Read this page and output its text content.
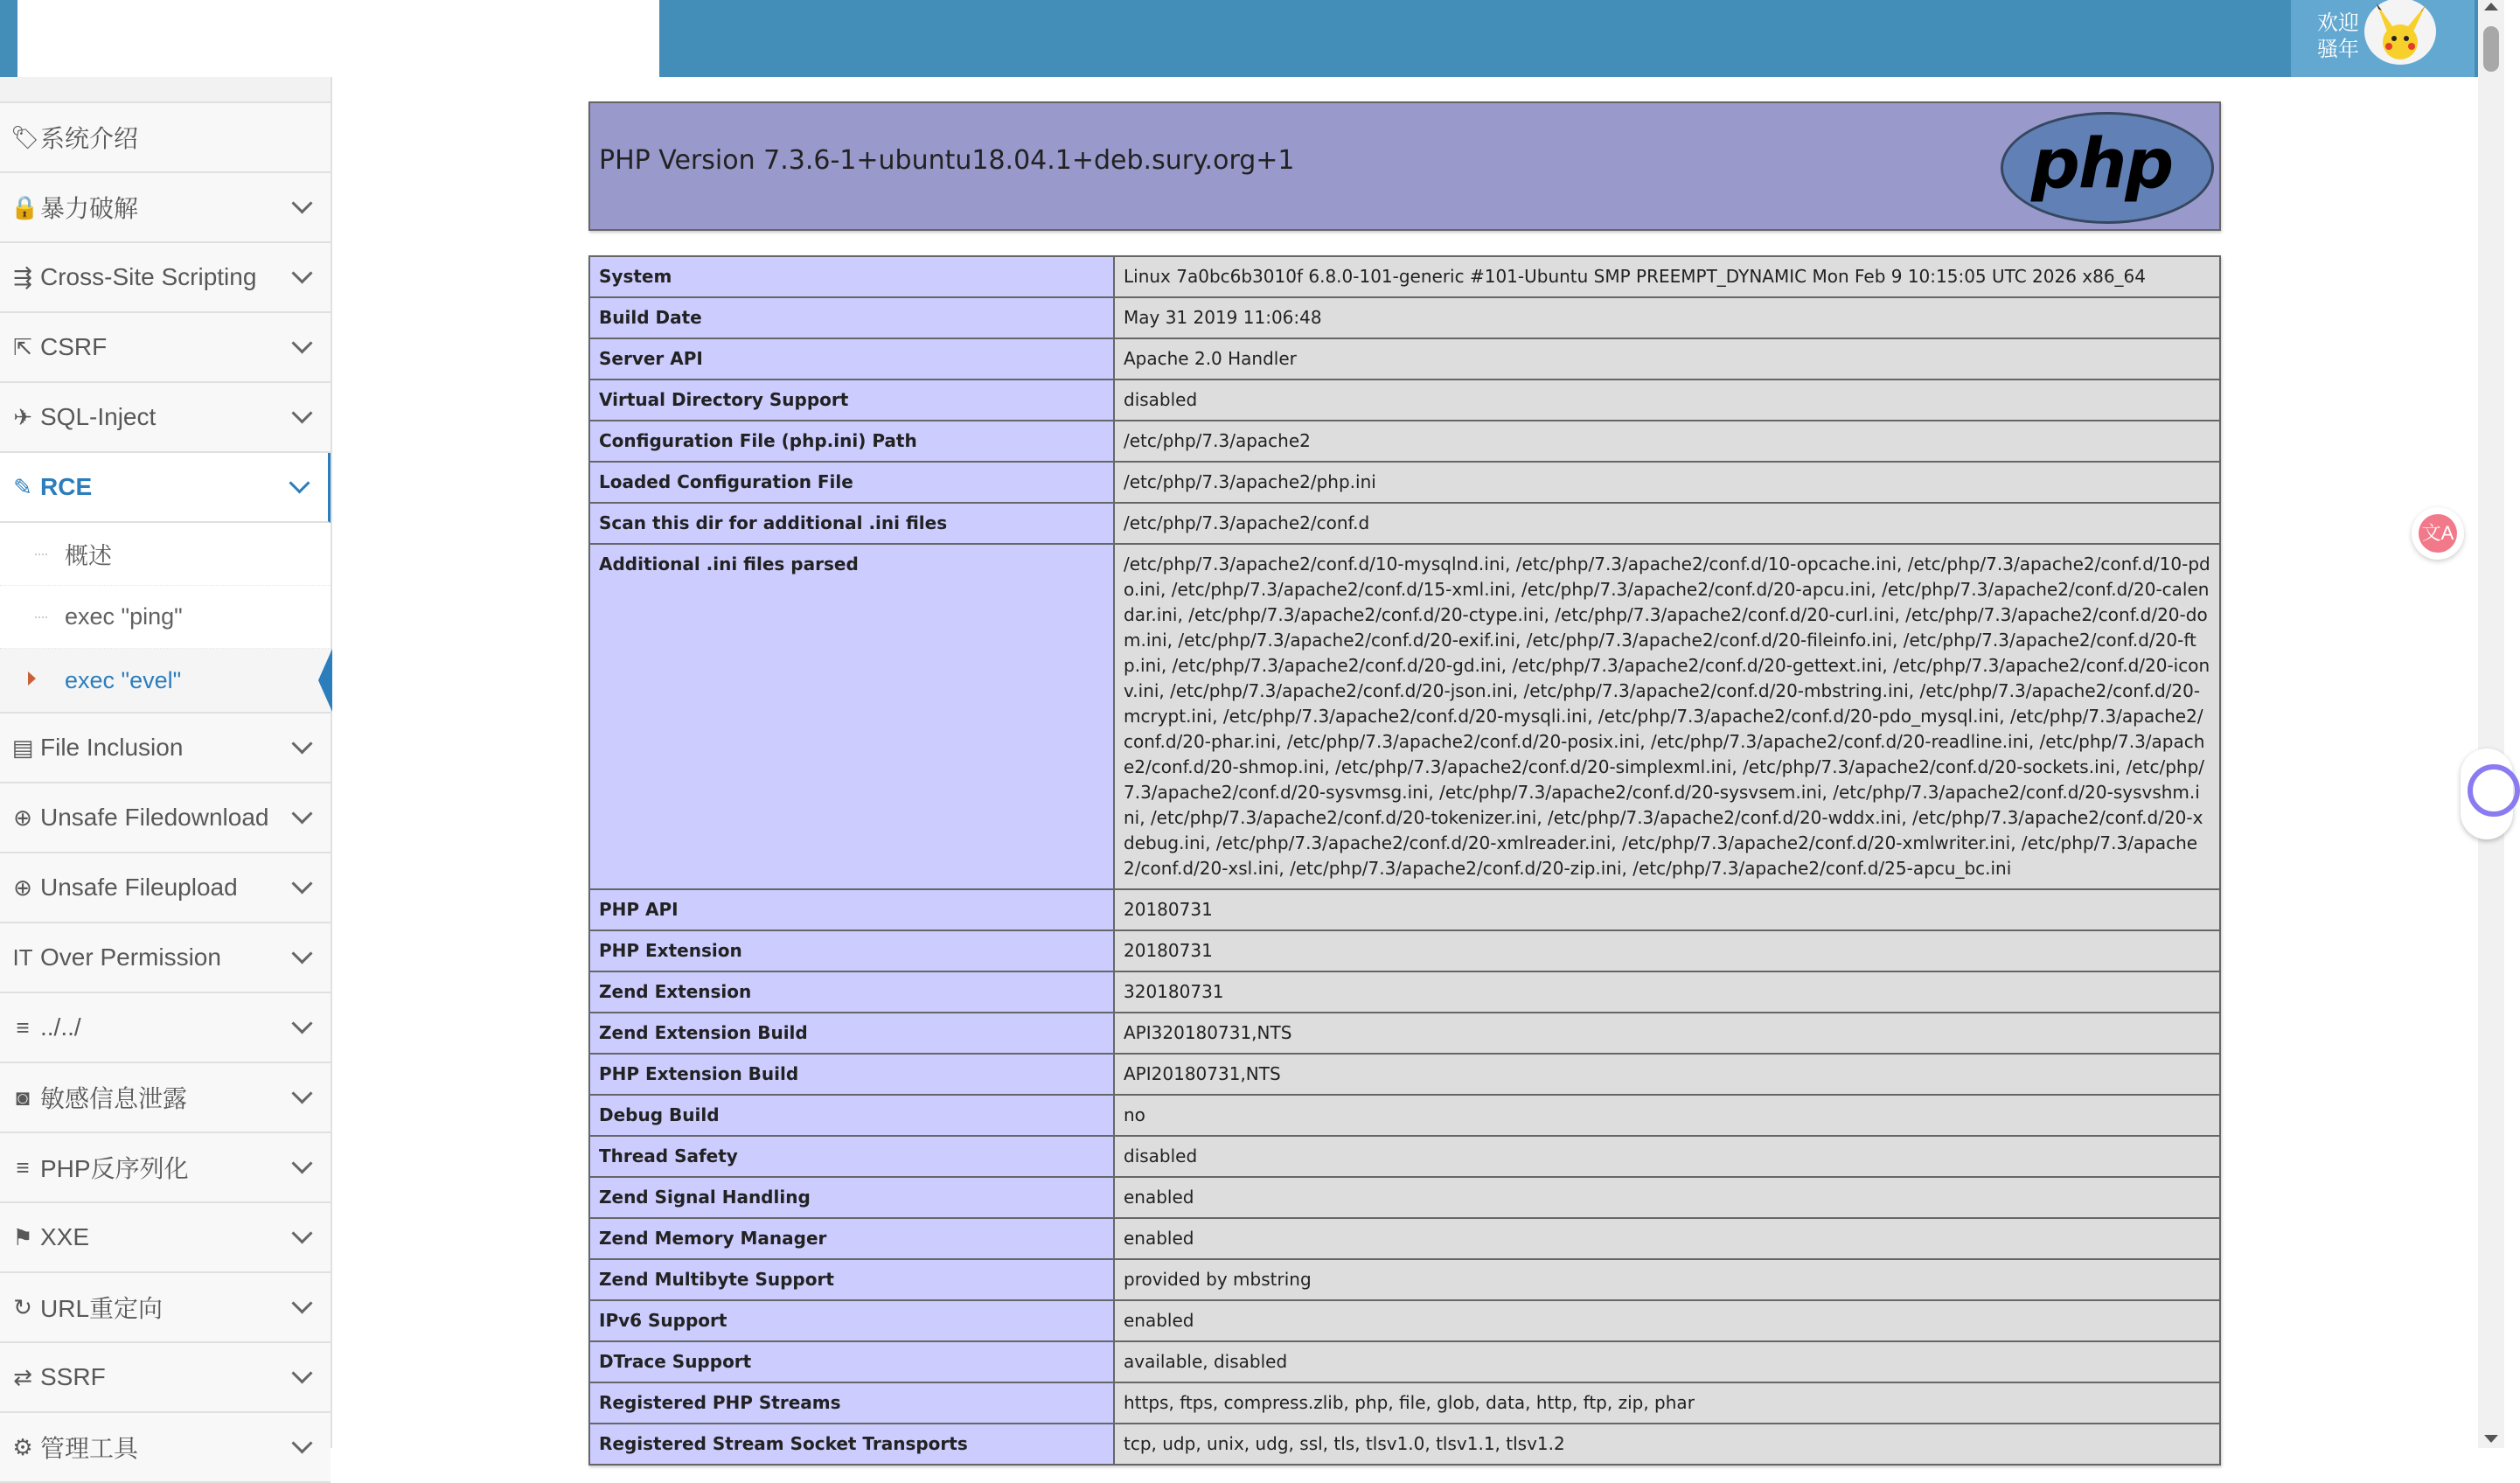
欢迎
骚年
🏷 系统介绍
🔒 暴力破解
⇶ Cross-Site Scripting
⇱ CSRF
✈ SQL-Inject
✎ RCE
概述
exec "ping"
exec "evel"
▤ File Inclusion
⊕ Unsafe Filedownload
⊕ Unsafe Fileupload
IT Over Permission
≡ ../../
◙ 敏感信息泄露
≡ PHP反序列化
⚑ XXE
↻ URL重定向
⇄ SSRF
⚙ 管理工具
PHP Version 7.3.6-1+ubuntu18.04.1+deb.sury.org+1	php
System	Linux 7a0bc6b3010f 6.8.0-101-generic #101-Ubuntu SMP PREEMPT_DYNAMIC Mon Feb 9 10:15:05 UTC 2026 x86_64
Build Date	May 31 2019 11:06:48
Server API	Apache 2.0 Handler
Virtual Directory Support	disabled
Configuration File (php.ini) Path	/etc/php/7.3/apache2
Loaded Configuration File	/etc/php/7.3/apache2/php.ini
Scan this dir for additional .ini files	/etc/php/7.3/apache2/conf.d
Additional .ini files parsed	/etc/php/7.3/apache2/conf.d/10-mysqlnd.ini, /etc/php/7.3/apache2/conf.d/10-opcache.ini, /etc/php/7.3/apache2/conf.d/10-pdo.ini, /etc/php/7.3/apache2/conf.d/15-xml.ini, /etc/php/7.3/apache2/conf.d/20-apcu.ini, /etc/php/7.3/apache2/conf.d/20-calendar.ini, /etc/php/7.3/apache2/conf.d/20-ctype.ini, /etc/php/7.3/apache2/conf.d/20-curl.ini, /etc/php/7.3/apache2/conf.d/20-dom.ini, /etc/php/7.3/apache2/conf.d/20-exif.ini, /etc/php/7.3/apache2/conf.d/20-fileinfo.ini, /etc/php/7.3/apache2/conf.d/20-ftp.ini, /etc/php/7.3/apache2/conf.d/20-gd.ini, /etc/php/7.3/apache2/conf.d/20-gettext.ini, /etc/php/7.3/apache2/conf.d/20-iconv.ini, /etc/php/7.3/apache2/conf.d/20-json.ini, /etc/php/7.3/apache2/conf.d/20-mbstring.ini, /etc/php/7.3/apache2/conf.d/20-mcrypt.ini, /etc/php/7.3/apache2/conf.d/20-mysqli.ini, /etc/php/7.3/apache2/conf.d/20-pdo_mysql.ini, /etc/php/7.3/apache2/conf.d/20-phar.ini, /etc/php/7.3/apache2/conf.d/20-posix.ini, /etc/php/7.3/apache2/conf.d/20-readline.ini, /etc/php/7.3/apache2/conf.d/20-shmop.ini, /etc/php/7.3/apache2/conf.d/20-simplexml.ini, /etc/php/7.3/apache2/conf.d/20-sockets.ini, /etc/php/7.3/apache2/conf.d/20-sysvmsg.ini, /etc/php/7.3/apache2/conf.d/20-sysvsem.ini, /etc/php/7.3/apache2/conf.d/20-sysvshm.ini, /etc/php/7.3/apache2/conf.d/20-tokenizer.ini, /etc/php/7.3/apache2/conf.d/20-wddx.ini, /etc/php/7.3/apache2/conf.d/20-xdebug.ini, /etc/php/7.3/apache2/conf.d/20-xmlreader.ini, /etc/php/7.3/apache2/conf.d/20-xmlwriter.ini, /etc/php/7.3/apache2/conf.d/20-xsl.ini, /etc/php/7.3/apache2/conf.d/20-zip.ini, /etc/php/7.3/apache2/conf.d/25-apcu_bc.ini
PHP API	20180731
PHP Extension	20180731
Zend Extension	320180731
Zend Extension Build	API320180731,NTS
PHP Extension Build	API20180731,NTS
Debug Build	no
Thread Safety	disabled
Zend Signal Handling	enabled
Zend Memory Manager	enabled
Zend Multibyte Support	provided by mbstring
IPv6 Support	enabled
DTrace Support	available, disabled
Registered PHP Streams	https, ftps, compress.zlib, php, file, glob, data, http, ftp, zip, phar
Registered Stream Socket Transports	tcp, udp, unix, udg, ssl, tls, tlsv1.0, tlsv1.1, tlsv1.2
文A
